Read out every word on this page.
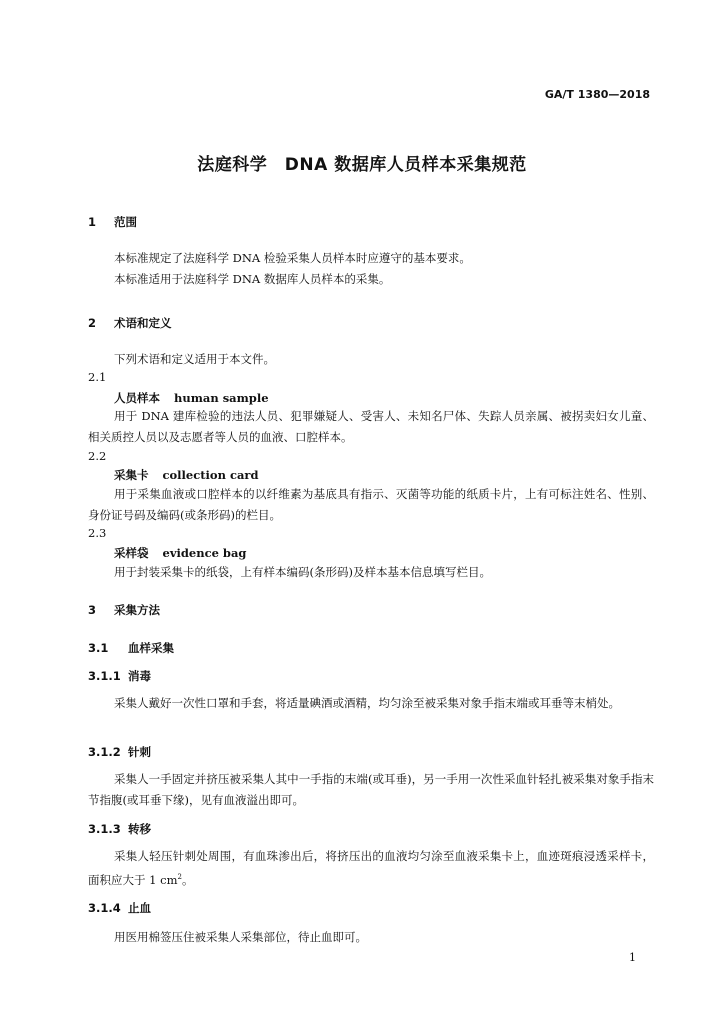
GA/T 1380—2018
法庭科学　DNA 数据库人员样本采集规范
1 范围
本标准规定了法庭科学 DNA 检验采集人员样本时应遵守的基本要求。
本标准适用于法庭科学 DNA 数据库人员样本的采集。
2 术语和定义
下列术语和定义适用于本文件。
2.1
人员样本 human sample
用于 DNA 建库检验的违法人员、犯罪嫌疑人、受害人、未知名尸体、失踪人员亲属、被拐卖妇女儿童、相关质控人员以及志愿者等人员的血液、口腔样本。
2.2
采集卡 collection card
用于采集血液或口腔样本的以纤维素为基底具有指示、灭菌等功能的纸质卡片，上有可标注姓名、性别、身份证号码及编码(或条形码)的栏目。
2.3
采样袋 evidence bag
用于封装采集卡的纸袋，上有样本编码(条形码)及样本基本信息填写栏目。
3 采集方法
3.1 血样采集
3.1.1 消毒
采集人戴好一次性口罩和手套，将适量碘酒或酒精，均匀涂至被采集对象手指末端或耳垂等末梢处。
3.1.2 针刺
采集人一手固定并挤压被采集人其中一手指的末端(或耳垂)，另一手用一次性采血针轻扎被采集对象手指末节指腹(或耳垂下缘)，见有血液溢出即可。
3.1.3 转移
采集人轻压针刺处周围，有血珠渗出后，将挤压出的血液均匀涂至血液采集卡上，血迹斑痕浸透采样卡，面积应大于 1 $cm^2$。
3.1.4 止血
用医用棉签压住被采集人采集部位，待止血即可。
1
